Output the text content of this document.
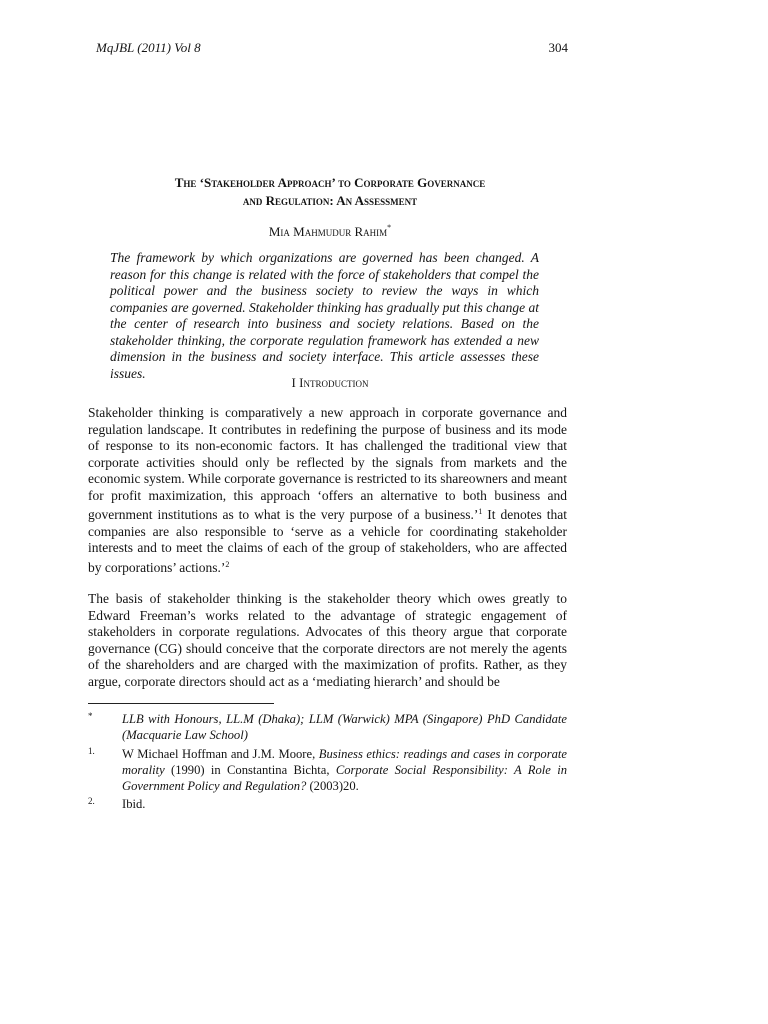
MqJBL (2011) Vol 8	304
The ‘Stakeholder Approach’ to Corporate Governance
and Regulation: An Assessment
Mia Mahmudur Rahim*

The framework by which organizations are governed has been changed. A reason for this change is related with the force of stakeholders that compel the political power and the business society to review the ways in which companies are governed. Stakeholder thinking has gradually put this change at the center of research into business and society relations. Based on the stakeholder thinking, the corporate regulation framework has extended a new dimension in the business and society interface. This article assesses these issues.

I Introduction

Stakeholder thinking is comparatively a new approach in corporate governance and regulation landscape. It contributes in redefining the purpose of business and its mode of response to its non-economic factors. It has challenged the traditional view that corporate activities should only be reflected by the signals from markets and the economic system. While corporate governance is restricted to its shareowners and meant for profit maximization, this approach ‘offers an alternative to both business and government institutions as to what is the very purpose of a business.’$^1$ It denotes that companies are also responsible to ‘serve as a vehicle for coordinating stakeholder interests and to meet the claims of each of the group of stakeholders, who are affected by corporations’ actions.’$^2$

The basis of stakeholder thinking is the stakeholder theory which owes greatly to Edward Freeman’s works related to the advantage of strategic engagement of stakeholders in corporate regulations. Advocates of this theory argue that corporate governance (CG) should conceive that the corporate directors are not merely the agents of the shareholders and are charged with the maximization of profits. Rather, as they argue, corporate directors should act as a ‘mediating hierarch’ and should be

*	LLB with Honours, LL.M (Dhaka); LLM (Warwick) MPA (Singapore) PhD Candidate (Macquarie Law School)
1.	W Michael Hoffman and J.M. Moore, Business ethics: readings and cases in corporate morality (1990) in Constantina Bichta, Corporate Social Responsibility: A Role in Government Policy and Regulation? (2003)20.
2.	Ibid.
